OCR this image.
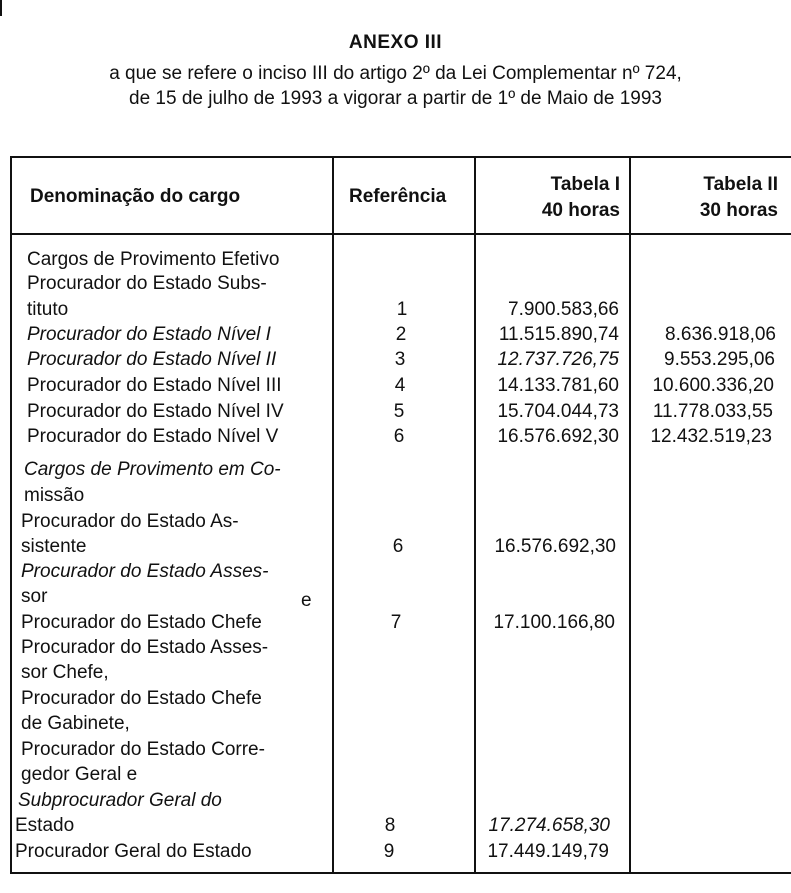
ANEXO III
a que se refere o inciso III do artigo 2º da Lei Complementar nº 724,
de 15 de julho de 1993 a vigorar a partir de 1º de Maio de 1993
Denominação do cargo	Referência
Tabela I
40 horas
Tabela II
30 horas
Cargos de Provimento Efetivo
Procurador do Estado Subs-
tituto
Procurador do Estado Nível I
Procurador do Estado Nível II
Procurador do Estado Nível III
Procurador do Estado Nível IV
Procurador do Estado Nível V
Cargos de Provimento em Co-
missão
Procurador do Estado As-
sistente
Procurador do Estado Asses-
sor	e
Procurador do Estado Chefe
Procurador do Estado Asses-
sor Chefe,
Procurador do Estado Chefe
de Gabinete,
Procurador do Estado Corre-
gedor Geral e
Subprocurador Geral do
Estado
Procurador Geral do Estado
1
2
3
4
5
6
6
7
8
9
7.900.583,66
11.515.890,74
12.737.726,75
14.133.781,60
15.704.044,73
16.576.692,30
16.576.692,30
17.100.166,80
17.274.658,30
17.449.149,79
8.636.918,06
9.553.295,06
10.600.336,20
11.778.033,55
12.432.519,23
